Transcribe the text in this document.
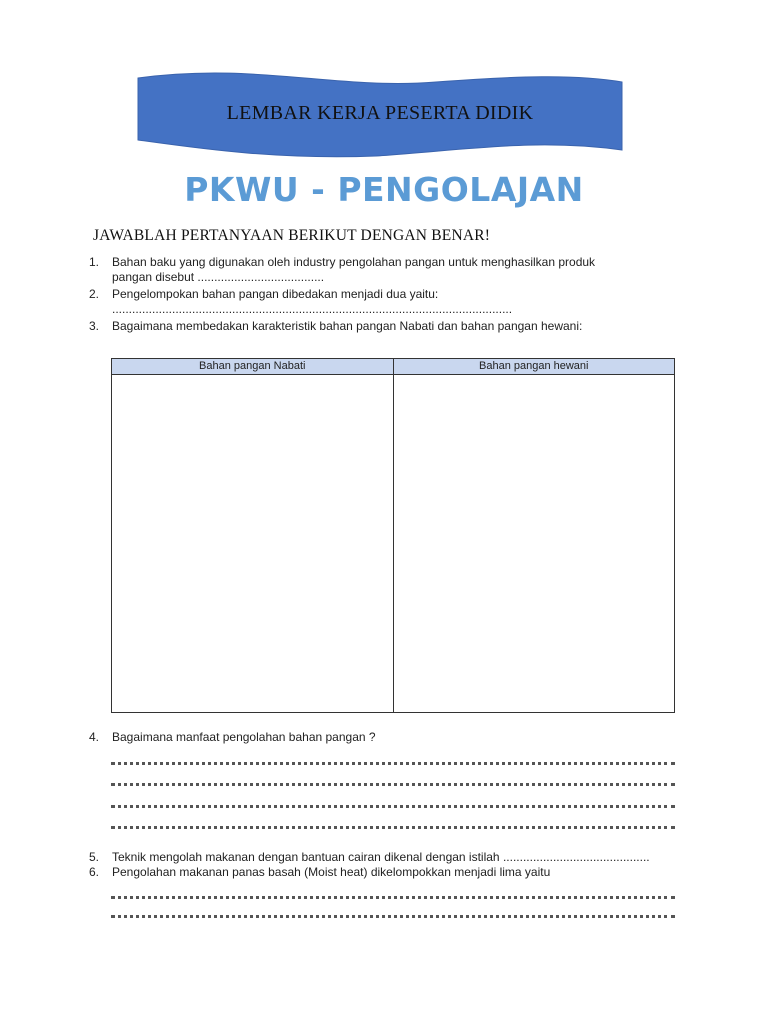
LEMBAR KERJA PESERTA DIDIK
PKWU - PENGOLAJAN
JAWABLAH PERTANYAAN BERIKUT DENGAN BENAR!
1.	Bahan baku yang digunakan oleh industry pengolahan pangan untuk menghasilkan produk
pangan disebut ......................................
2.	Pengelompokan bahan pangan dibedakan menjadi dua yaitu:
........................................................................................................................
3.	Bagaimana membedakan karakteristik bahan pangan Nabati dan bahan pangan hewani:
Bahan pangan Nabati	Bahan pangan hewani
4.	Bagaimana manfaat pengolahan bahan pangan ?
5.	Teknik mengolah makanan dengan bantuan cairan dikenal dengan istilah ............................................
6.	Pengolahan makanan panas basah (Moist heat) dikelompokkan menjadi lima yaitu
